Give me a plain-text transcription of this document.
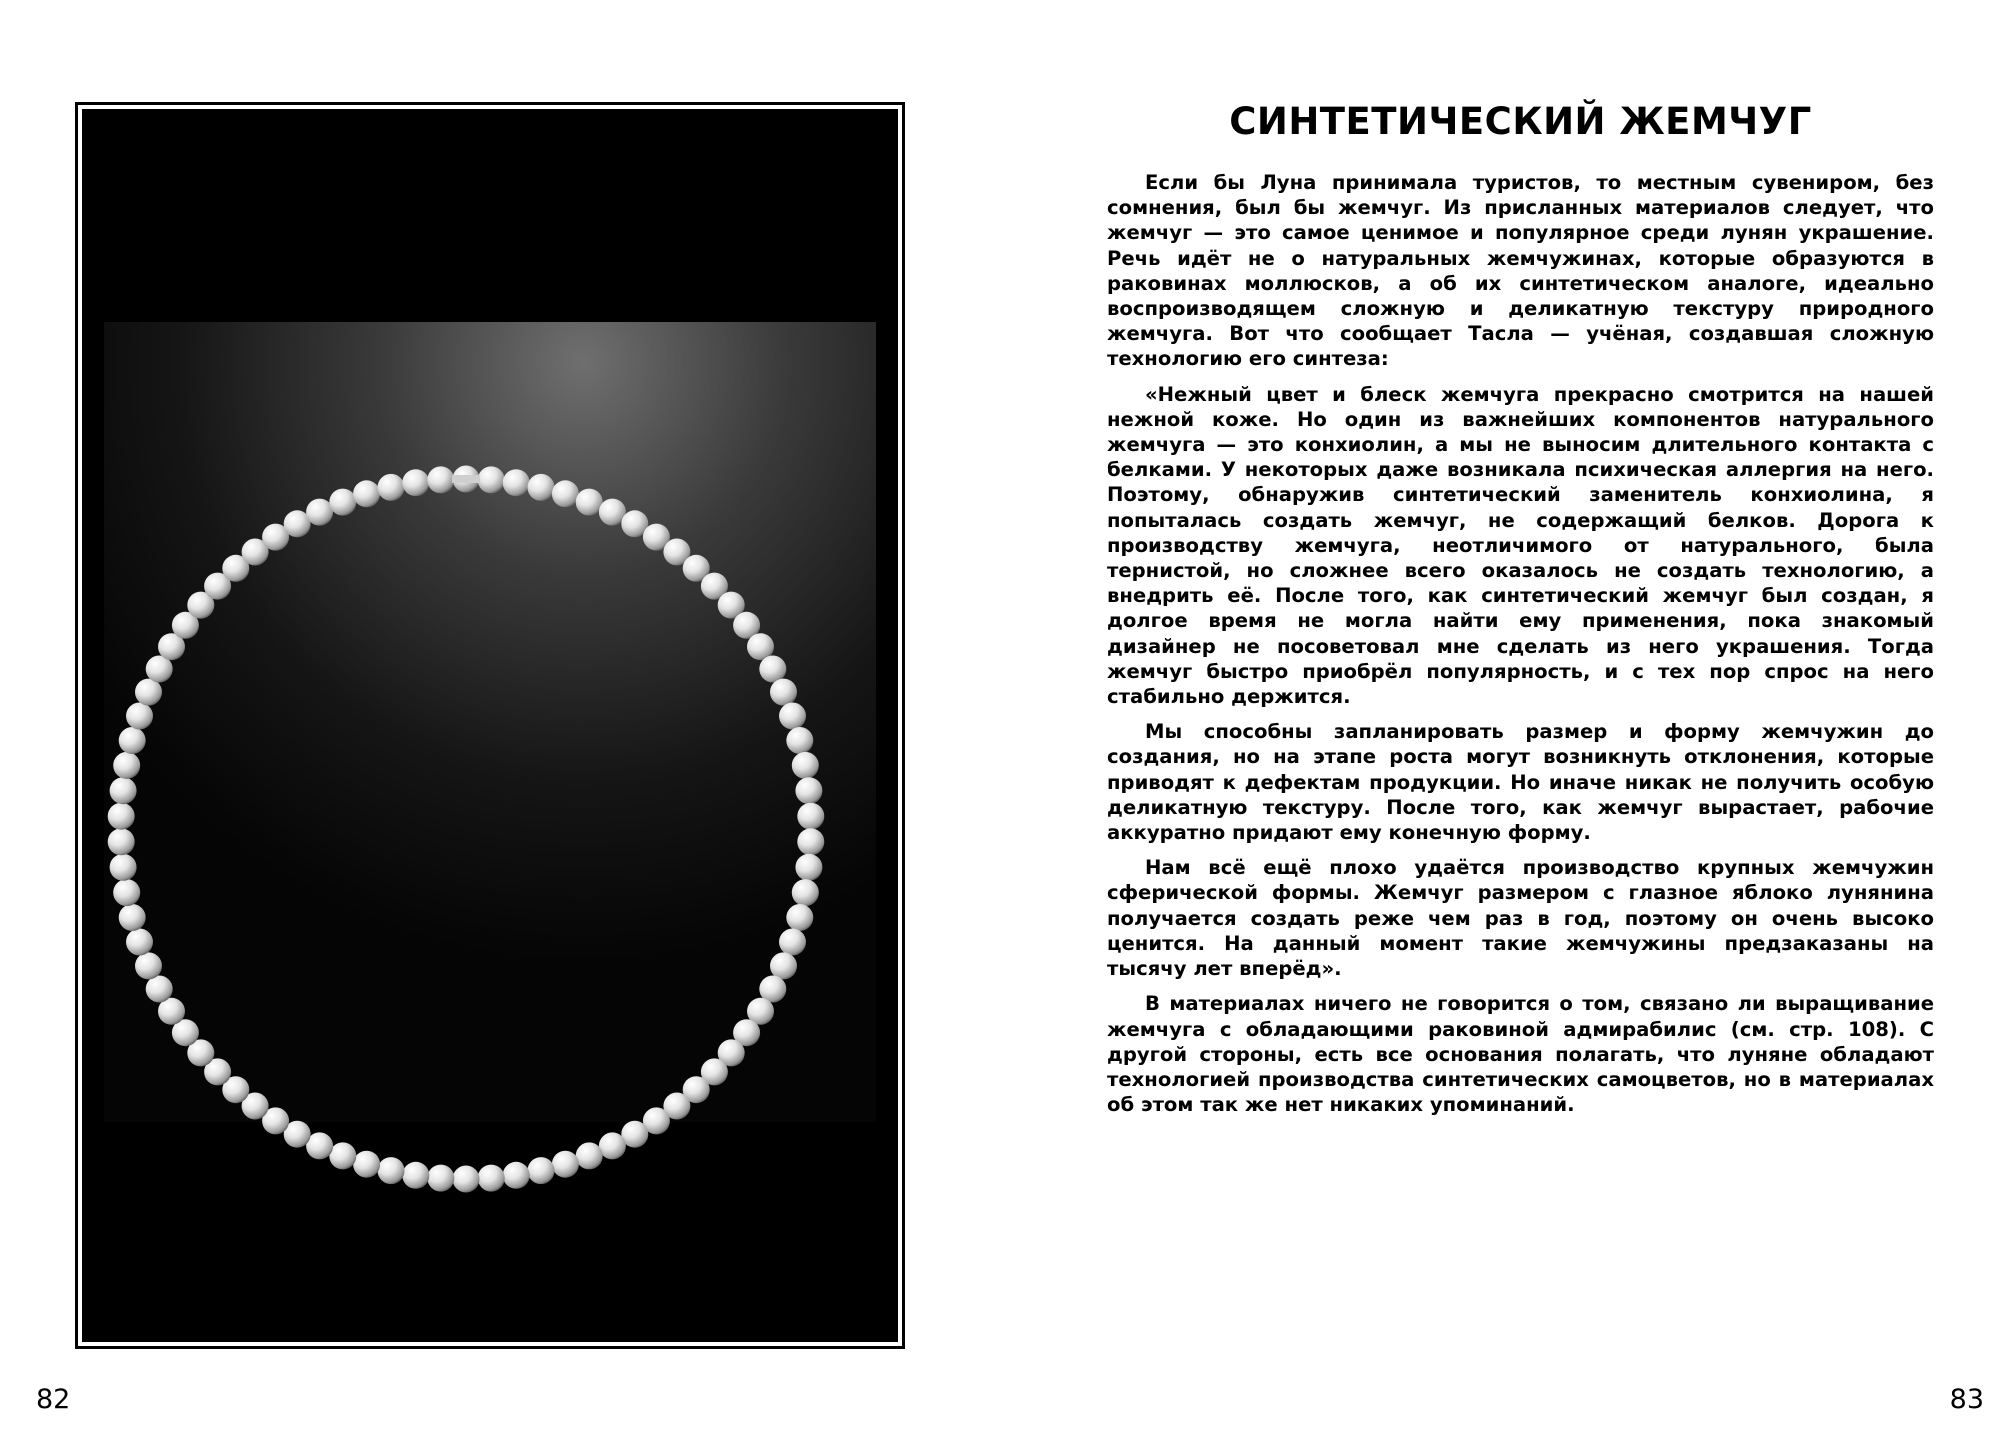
82
СИНТЕТИЧЕСКИЙ ЖЕМЧУГ

Если бы Луна принимала туристов, то местным сувениром, без сомнения, был бы жемчуг. Из присланных материалов следует, что жемчуг — это самое ценимое и популярное среди лунян украшение. Речь идёт не о натуральных жемчужинах, которые образуются в раковинах моллюсков, а об их синтетическом аналоге, идеально воспроизводящем сложную и деликатную текстуру природного жемчуга. Вот что сообщает Тасла — учёная, создавшая сложную технологию его синтеза:

«Нежный цвет и блеск жемчуга прекрасно смотрится на нашей нежной коже. Но один из важнейших компонентов натурального жемчуга — это конхиолин, а мы не выносим длительного контакта с белками. У некоторых даже возникала психическая аллергия на него. Поэтому, обнаружив синтетический заменитель конхиолина, я попыталась создать жемчуг, не содержащий белков. Дорога к производству жемчуга, неотличимого от натурального, была тернистой, но сложнее всего оказалось не создать технологию, а внедрить её. После того, как синтетический жемчуг был создан, я долгое время не могла найти ему применения, пока знакомый дизайнер не посоветовал мне сделать из него украшения. Тогда жемчуг быстро приобрёл популярность, и с тех пор спрос на него стабильно держится.

Мы способны запланировать размер и форму жемчужин до создания, но на этапе роста могут возникнуть отклонения, которые приводят к дефектам продукции. Но иначе никак не получить особую деликатную текстуру. После того, как жемчуг вырастает, рабочие аккуратно придают ему конечную форму.

Нам всё ещё плохо удаётся производство крупных жемчужин сферической формы. Жемчуг размером с глазное яблоко лунянина получается создать реже чем раз в год, поэтому он очень высоко ценится. На данный момент такие жемчужины предзаказаны на тысячу лет вперёд».

В материалах ничего не говорится о том, связано ли выращивание жемчуга с обладающими раковиной адмирабилис (см. стр. 108). С другой стороны, есть все основания полагать, что луняне обладают технологией производства синтетических самоцветов, но в материалах об этом так же нет никаких упоминаний.

83
